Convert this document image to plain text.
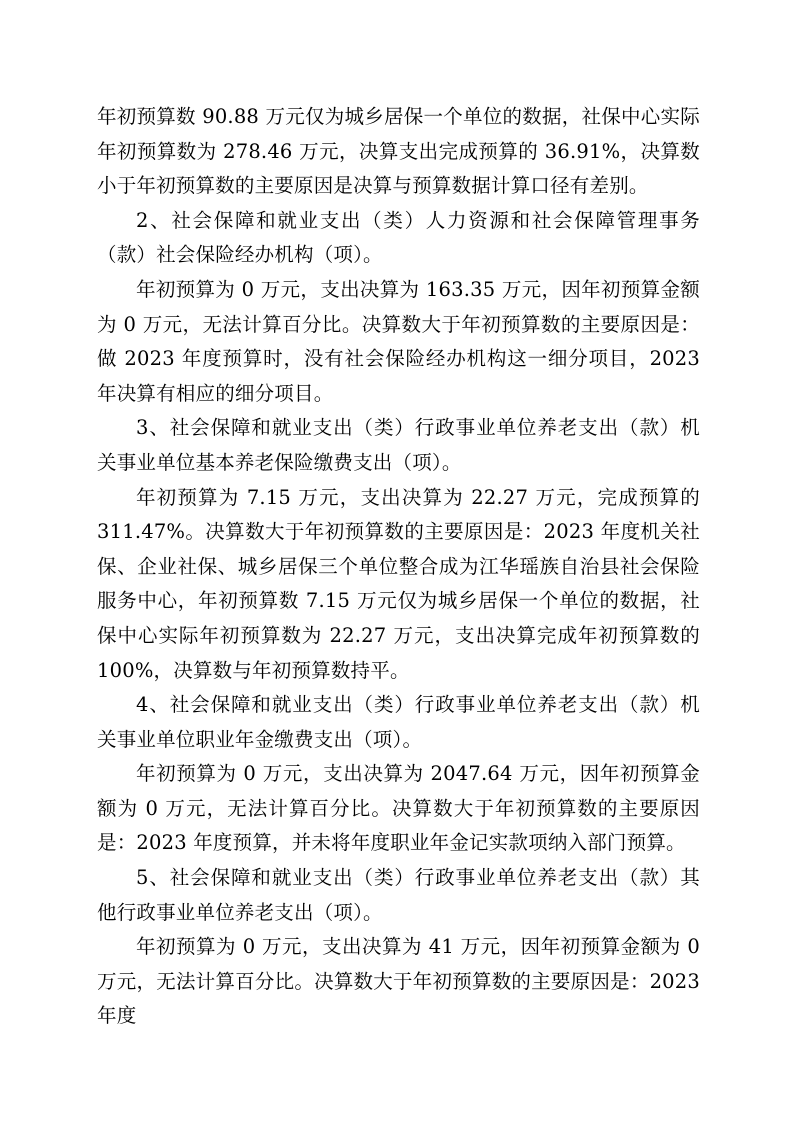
年初预算数 90.88 万元仅为城乡居保一个单位的数据，社保中心实际年初预算数为 278.46 万元，决算支出完成预算的 36.91%，决算数小于年初预算数的主要原因是决算与预算数据计算口径有差别。

2、社会保障和就业支出（类）人力资源和社会保障管理事务（款）社会保险经办机构（项）。

年初预算为 0 万元，支出决算为 163.35 万元，因年初预算金额为 0 万元，无法计算百分比。决算数大于年初预算数的主要原因是：做 2023 年度预算时，没有社会保险经办机构这一细分项目，2023 年决算有相应的细分项目。

3、社会保障和就业支出（类）行政事业单位养老支出（款）机关事业单位基本养老保险缴费支出（项）。

年初预算为 7.15 万元，支出决算为 22.27 万元，完成预算的 311.47%。决算数大于年初预算数的主要原因是：2023 年度机关社保、企业社保、城乡居保三个单位整合成为江华瑶族自治县社会保险服务中心，年初预算数 7.15 万元仅为城乡居保一个单位的数据，社保中心实际年初预算数为 22.27 万元，支出决算完成年初预算数的 100%，决算数与年初预算数持平。

4、社会保障和就业支出（类）行政事业单位养老支出（款）机关事业单位职业年金缴费支出（项）。

年初预算为 0 万元，支出决算为 2047.64 万元，因年初预算金额为 0 万元，无法计算百分比。决算数大于年初预算数的主要原因是：2023 年度预算，并未将年度职业年金记实款项纳入部门预算。

5、社会保障和就业支出（类）行政事业单位养老支出（款）其他行政事业单位养老支出（项）。

年初预算为 0 万元，支出决算为 41 万元，因年初预算金额为 0 万元，无法计算百分比。决算数大于年初预算数的主要原因是：2023 年度
